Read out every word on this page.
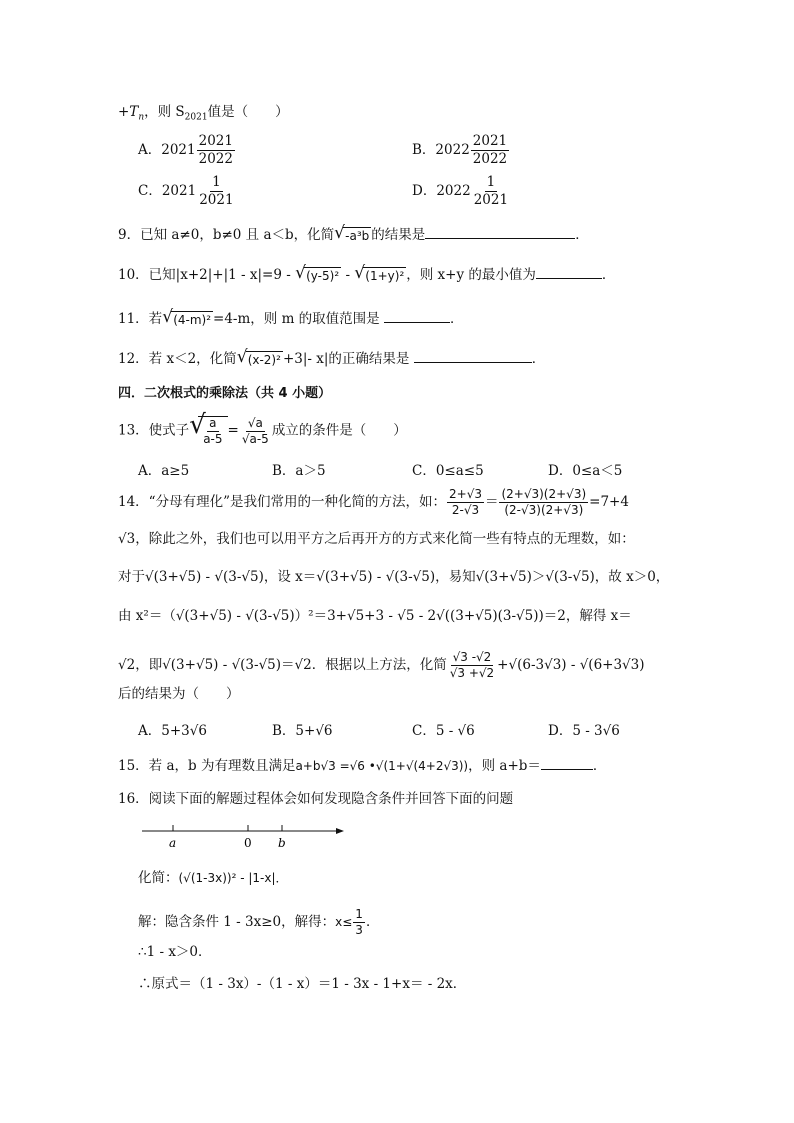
$+T_n$，则 $S_{2021}$值是（　　）
A．$2021 \frac{2021}{2022}$	B．$2022 \frac{2021}{2022}$
C．$2021 \frac{1}{2021}$	D．$2022 \frac{1}{2021}$
9．已知 a≠0，b≠0 且 a＜b，化简 √ -a³b 的结果是	．
10．已知|x+2|+|1 - x|=9 - √ (y-5)² - √ (1+y)² ，则 x+y 的最小值为	．
11．若 √ (4-m)² =4-m，则 m 的取值范围是	．
12．若 x＜2，化简 √ (x-2)² +3|- x|的正确结果是	．
四．二次根式的乘除法（共 4 小题）
13．使式子 √
$\frac{a}{a-5} = \frac{√a}{√a-5}$ 成立的条件是（　　）
A．a≥5	B．a＞5	C．0≤a≤5	D．0≤a＜5
14．“分母有理化”是我们常用的一种化简的方法，如： $\frac{2+√3}{2-√3} = \frac{(2+√3)(2+√3)}{(2-√3)(2+√3)} =7+4$
√3，除此之外，我们也可以用平方之后再开方的方式来化简一些有特点的无理数，如：
对于√(3+√5) - √(3-√5)，设 x＝√(3+√5) - √(3-√5)，易知√(3+√5)＞√(3-√5)，故 x＞0，
由 x²＝（√(3+√5) - √(3-√5)）²＝3+√5+3 - √5 - 2√((3+√5)(3-√5))＝2，解得 x＝
√2，即√(3+√5) - √(3-√5)＝√2．根据以上方法，化简 $\frac{√3 -√2}{√3 +√2} +√(6-3√3) - √(6+3√3)$
后的结果为（　　）
A．5+3√6	B．5+√6	C．5 - √6	D．5 - 3√6
15．若 a，b 为有理数且满足a+b√3 =√6 •√(1+√(4+2√3))，则 a+b＝	．
16．阅读下面的解题过程体会如何发现隐含条件并回答下面的问题
a	0 b
化简：(√(1-3x))² - |1-x|．
解：隐含条件 1 - 3x≥0，解得：$x\le \frac{1}{3}$ ．
∴1 - x＞0．
∴原式＝（1 - 3x）-（1 - x）＝1 - 3x - 1+x＝ - 2x．
